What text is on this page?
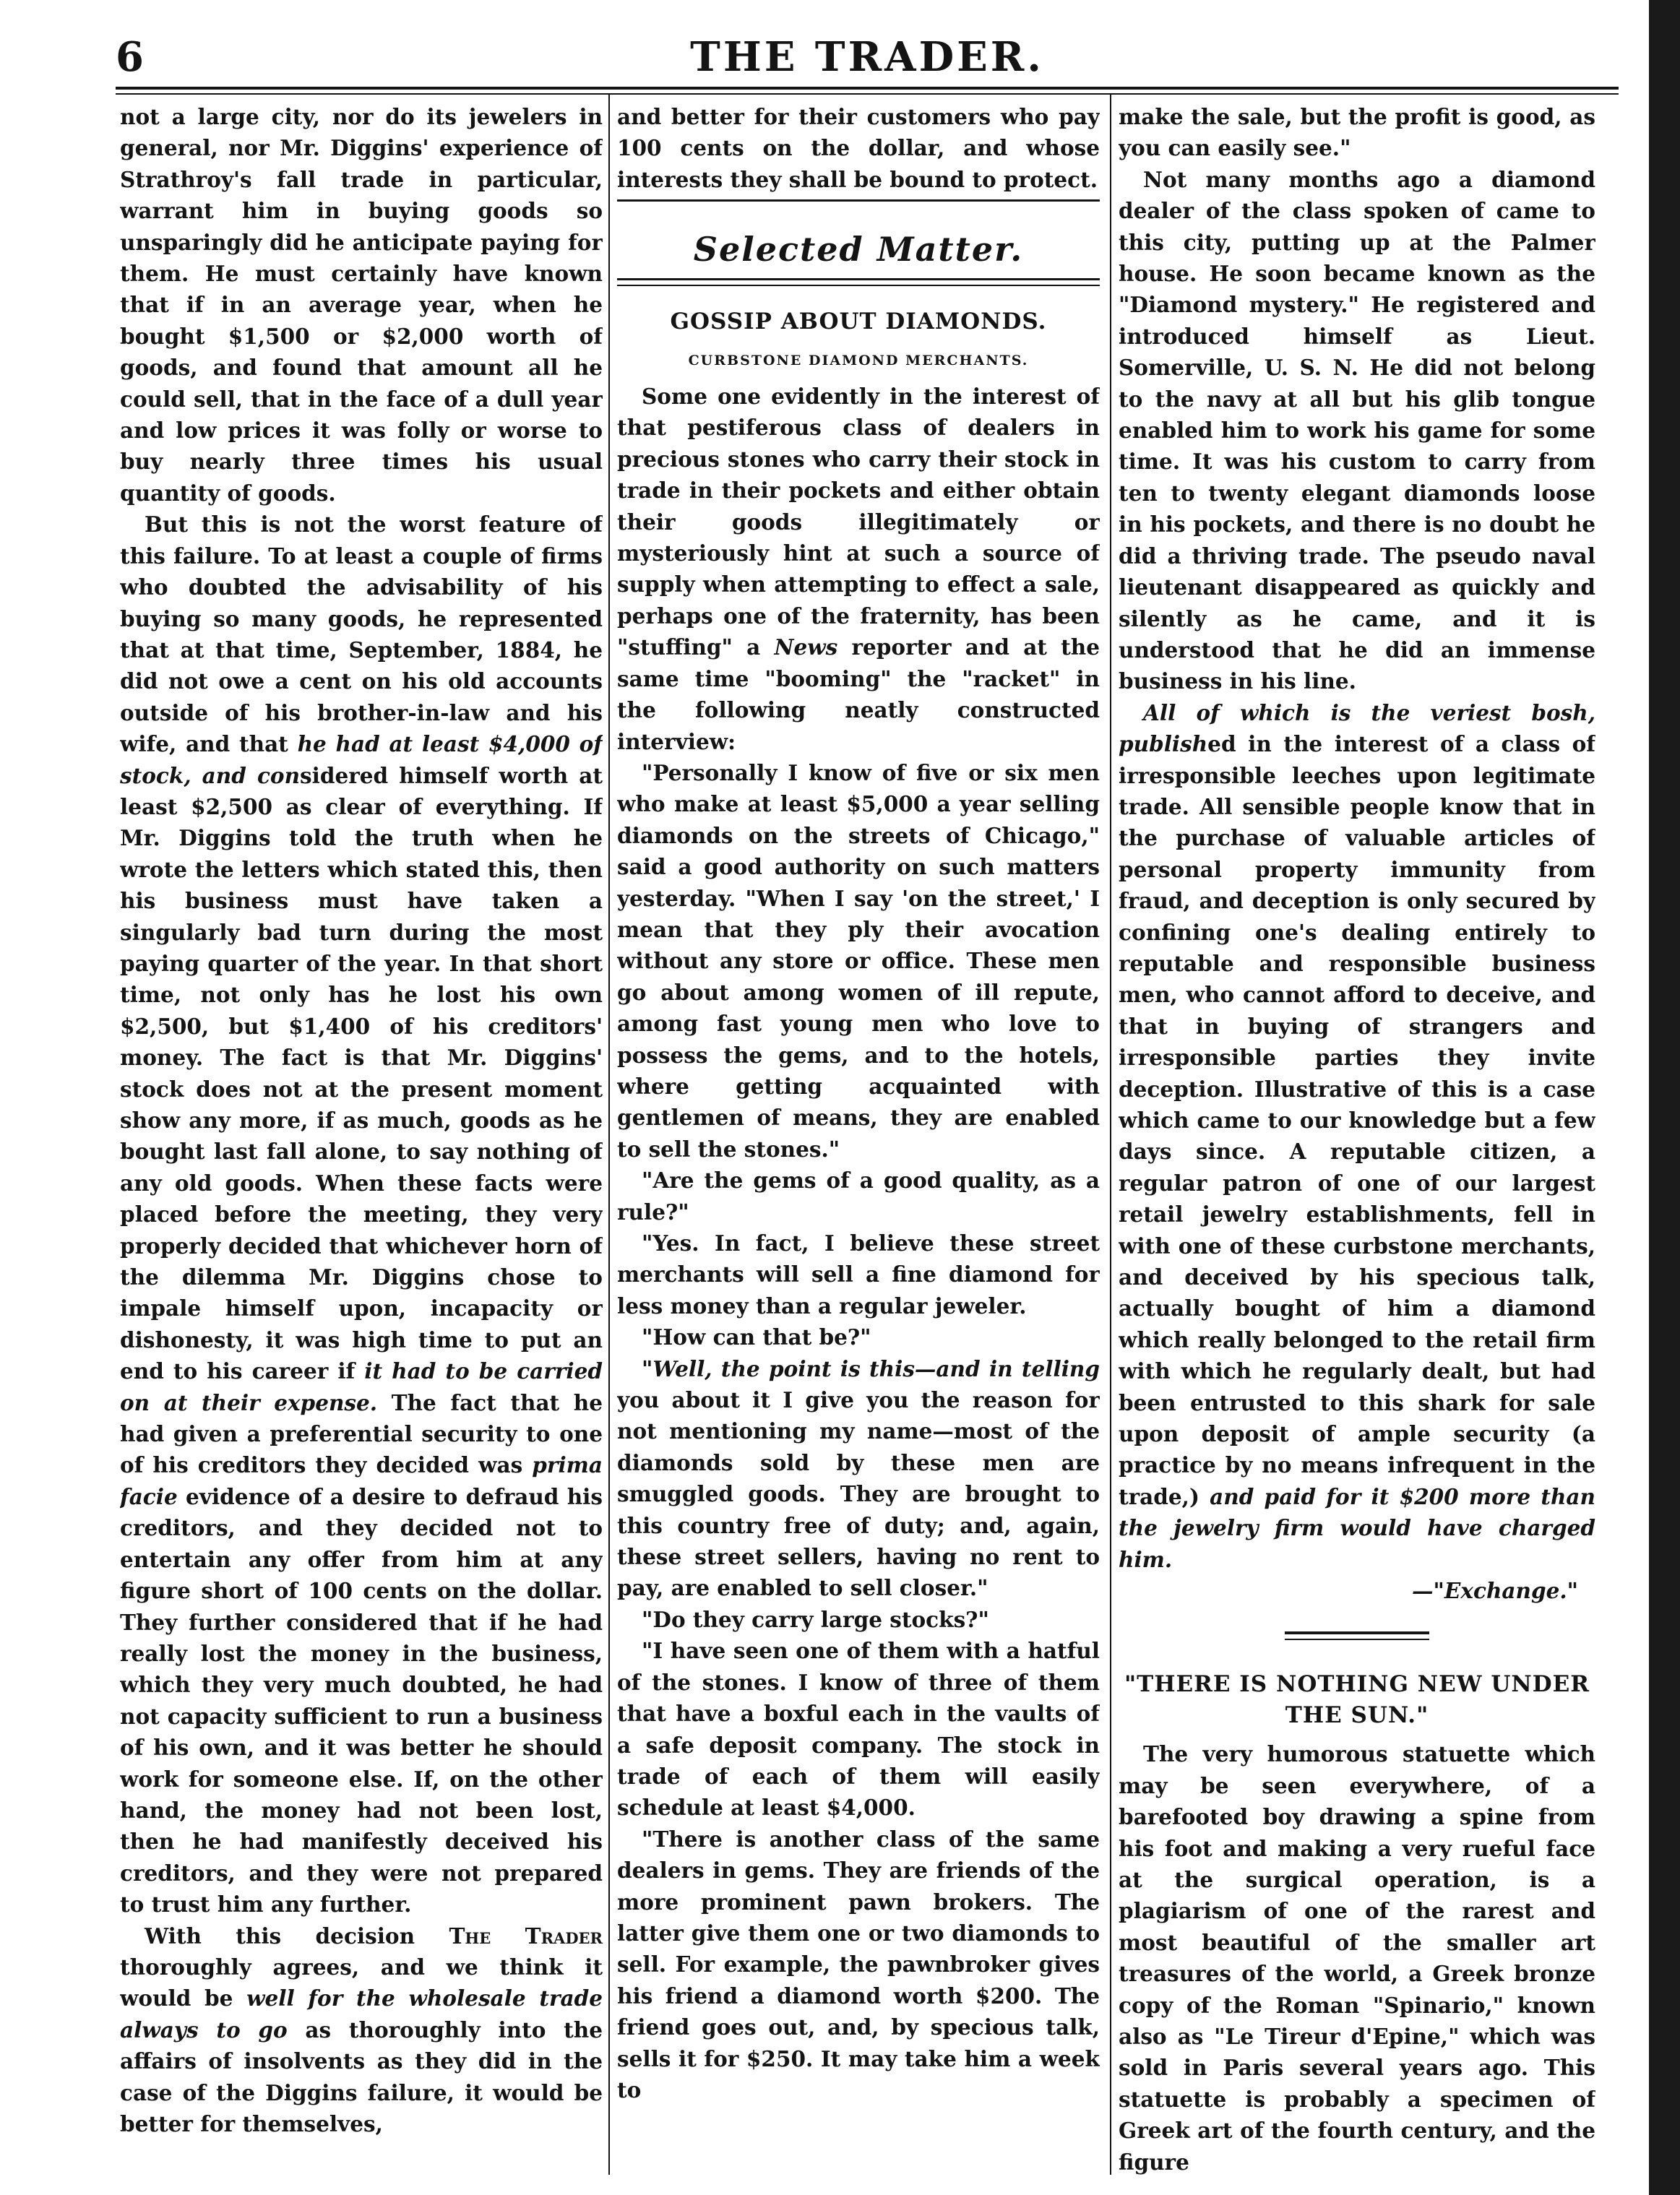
6	THE TRADER.

not a large city, nor do its jewelers in general, nor Mr. Diggins' experience of Strathroy's fall trade in particular, warrant him in buying goods so unsparingly did he anticipate paying for them. He must certainly have known that if in an average year, when he bought $1,500 or $2,000 worth of goods, and found that amount all he could sell, that in the face of a dull year and low prices it was folly or worse to buy nearly three times his usual quantity of goods.

But this is not the worst feature of this failure. To at least a couple of firms who doubted the advisability of his buying so many goods, he represented that at that time, September, 1884, he did not owe a cent on his old accounts outside of his brother-in-law and his wife, and that he had at least $4,000 of stock, and considered himself worth at least $2,500 as clear of everything. If Mr. Diggins told the truth when he wrote the letters which stated this, then his business must have taken a singularly bad turn during the most paying quarter of the year. In that short time, not only has he lost his own $2,500, but $1,400 of his creditors' money. The fact is that Mr. Diggins' stock does not at the present moment show any more, if as much, goods as he bought last fall alone, to say nothing of any old goods. When these facts were placed before the meeting, they very properly decided that whichever horn of the dilemma Mr. Diggins chose to impale himself upon, incapacity or dishonesty, it was high time to put an end to his career if it had to be carried on at their expense. The fact that he had given a preferential security to one of his creditors they decided was prima facie evidence of a desire to defraud his creditors, and they decided not to entertain any offer from him at any figure short of 100 cents on the dollar. They further considered that if he had really lost the money in the business, which they very much doubted, he had not capacity sufficient to run a business of his own, and it was better he should work for someone else. If, on the other hand, the money had not been lost, then he had manifestly deceived his creditors, and they were not prepared to trust him any further.

With this decision The Trader thoroughly agrees, and we think it would be well for the wholesale trade always to go as thoroughly into the affairs of insolvents as they did in the case of the Diggins failure, it would be better for themselves,

and better for their customers who pay 100 cents on the dollar, and whose interests they shall be bound to protect.

Selected Matter.
GOSSIP ABOUT DIAMONDS.
CURBSTONE DIAMOND MERCHANTS.

Some one evidently in the interest of that pestiferous class of dealers in precious stones who carry their stock in trade in their pockets and either obtain their goods illegitimately or mysteriously hint at such a source of supply when attempting to effect a sale, perhaps one of the fraternity, has been "stuffing" a News reporter and at the same time "booming" the "racket" in the following neatly constructed interview:

"Personally I know of five or six men who make at least $5,000 a year selling diamonds on the streets of Chicago," said a good authority on such matters yesterday. "When I say 'on the street,' I mean that they ply their avocation without any store or office. These men go about among women of ill repute, among fast young men who love to possess the gems, and to the hotels, where getting acquainted with gentlemen of means, they are enabled to sell the stones."

"Are the gems of a good quality, as a rule?"

"Yes. In fact, I believe these street merchants will sell a fine diamond for less money than a regular jeweler.

"How can that be?"

"Well, the point is this—and in telling you about it I give you the reason for not mentioning my name—most of the diamonds sold by these men are smuggled goods. They are brought to this country free of duty; and, again, these street sellers, having no rent to pay, are enabled to sell closer."

"Do they carry large stocks?"

"I have seen one of them with a hatful of the stones. I know of three of them that have a boxful each in the vaults of a safe deposit company. The stock in trade of each of them will easily schedule at least $4,000.

"There is another class of the same dealers in gems. They are friends of the more prominent pawn brokers. The latter give them one or two diamonds to sell. For example, the pawnbroker gives his friend a diamond worth $200. The friend goes out, and, by specious talk, sells it for $250. It may take him a week to

make the sale, but the profit is good, as you can easily see."

Not many months ago a diamond dealer of the class spoken of came to this city, putting up at the Palmer house. He soon became known as the "Diamond mystery." He registered and introduced himself as Lieut. Somerville, U. S. N. He did not belong to the navy at all but his glib tongue enabled him to work his game for some time. It was his custom to carry from ten to twenty elegant diamonds loose in his pockets, and there is no doubt he did a thriving trade. The pseudo naval lieutenant disappeared as quickly and silently as he came, and it is understood that he did an immense business in his line.

All of which is the veriest bosh, published in the interest of a class of irresponsible leeches upon legitimate trade. All sensible people know that in the purchase of valuable articles of personal property immunity from fraud, and deception is only secured by confining one's dealing entirely to reputable and responsible business men, who cannot afford to deceive, and that in buying of strangers and irresponsible parties they invite deception. Illustrative of this is a case which came to our knowledge but a few days since. A reputable citizen, a regular patron of one of our largest retail jewelry establishments, fell in with one of these curbstone merchants, and deceived by his specious talk, actually bought of him a diamond which really belonged to the retail firm with which he regularly dealt, but had been entrusted to this shark for sale upon deposit of ample security (a practice by no means infrequent in the trade,) and paid for it $200 more than the jewelry firm would have charged him.

—"Exchange."

"THERE IS NOTHING NEW UNDER THE SUN."

The very humorous statuette which may be seen everywhere, of a barefooted boy drawing a spine from his foot and making a very rueful face at the surgical operation, is a plagiarism of one of the rarest and most beautiful of the smaller art treasures of the world, a Greek bronze copy of the Roman "Spinario," known also as "Le Tireur d'Epine," which was sold in Paris several years ago. This statuette is probably a specimen of Greek art of the fourth century, and the figure
